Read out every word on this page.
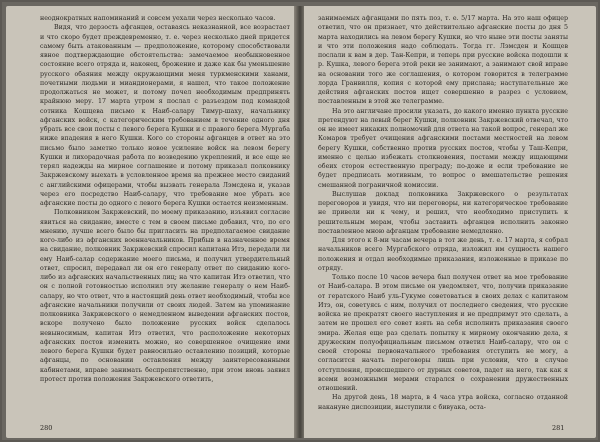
неоднократных напоминаний и совсем уехали через несколько часов.

Видя, что дерзость афганцев, оставаясь неказнанной, все возрастает и что скоро будет преждевременно, т. е. через несколько дней придется самому быть атакованным — предположение, которому способствовали явное подтверждающие обстоятельства: замечаемое необыкновенное состояние всего отряда и, наконец, брожение и даже как бы уменьшение русского обаяния между окружающими меня туркменскими ханами, почетными людьми и миандионерами, я нашел, что такое положение продолжаться не может, и потому почел необходимым предпринять крайнюю меру. 17 марта утром я послал с разъездом под командой сотника Кошцева письмо к Наиб-салару Тимур-шаху, начальнику афганских войск, с категорическим требованием в течение одного дня убрать все свои посты с левого берега Кушки и с правого берега Мургаба ниже впадения в него Кушки. Кого со стороны афганцев в ответ на это письмо было заметно только новое усиление войск на левом берегу Кушки и лихорадочная работа по возведению укреплений, и все еще не терял надежды на мирное соглашение и потому приказал полковнику Закржевскому выехать в условленное время на прежнее место свиданий с английскими офицерами, чтобы вызвать генерала Лэмсдена и, указав через его посредство Наиб-салару, что требование мое убрать все афганские посты до одного с левого берега Кушки остается неизменным.

Полковником Закржевский, по моему приказанию, изъявил согласие явиться на свидание, вместе с тем в своем письме добавил, что, по его мнению, лучше всего было бы пригласить на предполагаемое свидание кого-либо из афганских военначальников. Прибыв в назначенное время на свидание, полковник Закржевский спросил капитана Итэ, передали ли ему Наиб-салар содержание моего письма, и получил утвердительный ответ, спросил, передавал ли он его генералу ответ по свиданию кого-либо из афганских начальственных лиц; на что капитан Итэ ответил, что он с полной готовностью исполнил эту желание генералу о нем Наиб-салару, но что ответ, что в настоящий день ответ необходимый, чтобы все афганские начальники получили от своих людей. Затем на упоминание полковника Закржевского о немедленном выведении афганских постов, вскоре получено было положение русских войск сделалось невыносимым, капитан Итэ ответил, что расположение некоторых афганских постов изменить можно, но совершенное очищение ими левого берега Кушки будет равносильно оставлению позиций, которые афганцы, по основании оставления между заинтересованными кабинетами, вправе занимать беспрепятственно, при этом вновь заявил протест против положения Закржевского ответить,

280

занимаемых афганцами по пять поз, т. е. 5/17 марта. На это наш офицер ответил, что он признает, что действительно афганские посты до дня 5 марта находились на левом берегу Кушки, но что ныне эти посты заняты и что эти положения надо соблюдать. Тогда гг. Лэмсден и Кошцев послали к вам в дер. Тан-Кепри, и теперь при русские войска подошли к р. Кушка, левого берега этой реки не занимают, а занимают свой вправе на основании того же соглашения, о котором говорится в телеграмме лорда Гранвилля, копия с которой ему прислана; наступательные же действия афганских постов ищет совершенно в разрез с условием, поставленным в этой же телеграмме.

На это англичане просили указать, до какого именно пункта русские претендуют на левый берег Кушки, полковник Закржевский отвечал, что он не имеет никаких полномочий для ответа на такой вопрос, генерал же Комаров требует очищения афганскими постами местностей на левом берегу Кушки, собственно против русских постов, чтобы у Таш-Кепри, именно с целью избежать столкновения, постами между ищающими обеих сторон естественную преграду; по-доже и если требование не будет предписать мотивным, то вопрос о вмешательстве решения смешанной пограничной комиссии.

Выслушав доклад полковника Закржевского о результатах переговоров и увидя, что ни переговоры, ни категорическое требование не привели ни к чему, и решил, что необходимо приступить к решительным мерам, чтобы заставить афганцев исполнить законно поставленное мною афганцам требование немедленно.

Для этого к 8-ми часам вечера в тот же день, т. е. 17 марта, я собрал начальников всего Мургабского отряда, изложил им сущность нашего положения и отдал необходимые приказания, изложенные в приказе по отряду.

Только после 10 часов вечера был получен ответ на мое требование от Наиб-салара. В этом письме он уведомляет, что, получив приказание от гератского Наиб уль-Гукуме советоваться в своих делах с капитаном Итэ, он, советуясь с ним, получил от последнего сведения, что русские войска не прекратят своего наступления и не предпримут это сделать, а затем не прошел его совет взять на себя исполнить приказания своего эмира. Желая еще раз сделать попытку к мирному окончанию дела, я дружеским полуофициальным письмом ответил Наиб-салару, что он с своей стороны первоначального требования отступить не могу, а согласится начать переговоры лишь при условии, что в случае отступления, происшедшего от дурных советов, падет на него, так как я всеми возможными мерами старался о сохранении дружественных отношений.

На другой день, 18 марта, в 4 часа утра войска, согласно отданной накануне диспозиции, выступили с бивуака, оста-

281
